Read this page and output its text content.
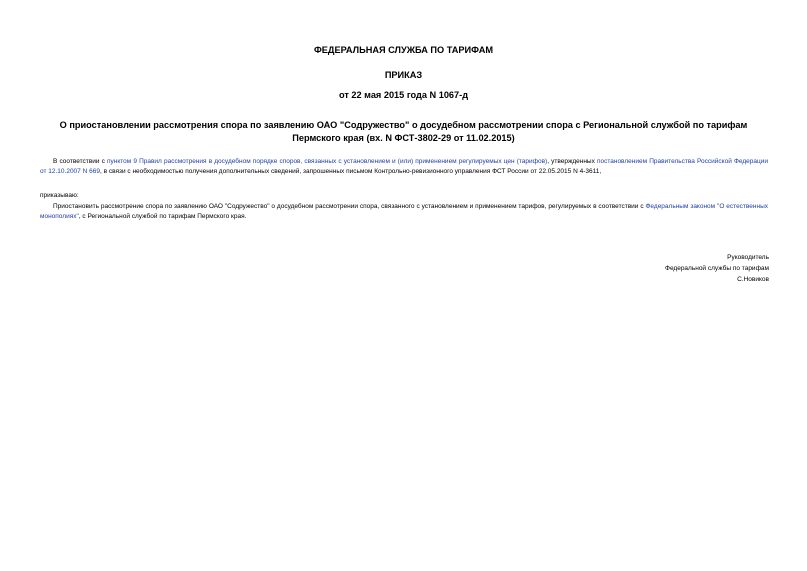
ФЕДЕРАЛЬНАЯ СЛУЖБА ПО ТАРИФАМ
ПРИКАЗ
от 22 мая 2015 года N 1067-д
О приостановлении рассмотрения спора по заявлению ОАО "Содружество" о досудебном рассмотрении спора с Региональной службой по тарифам Пермского края (вх. N ФСТ-3802-29 от 11.02.2015)
В соответствии с пунктом 9 Правил рассмотрения в досудебном порядке споров, связанных с установлением и (или) применением регулируемых цен (тарифов), утвержденных постановлением Правительства Российской Федерации от 12.10.2007 N 669, в связи с необходимостью получения дополнительных сведений, запрошенных письмом Контрольно-ревизионного управления ФСТ России от 22.05.2015 N 4-3611,
приказываю:
Приостановить рассмотрение спора по заявлению ОАО "Содружество" о досудебном рассмотрении спора, связанного с установлением и применением тарифов, регулируемых в соответствии с Федеральным законом "О естественных монополиях", с Региональной службой по тарифам Пермского края.
Руководитель
Федеральной службы по тарифам
С.Новиков
